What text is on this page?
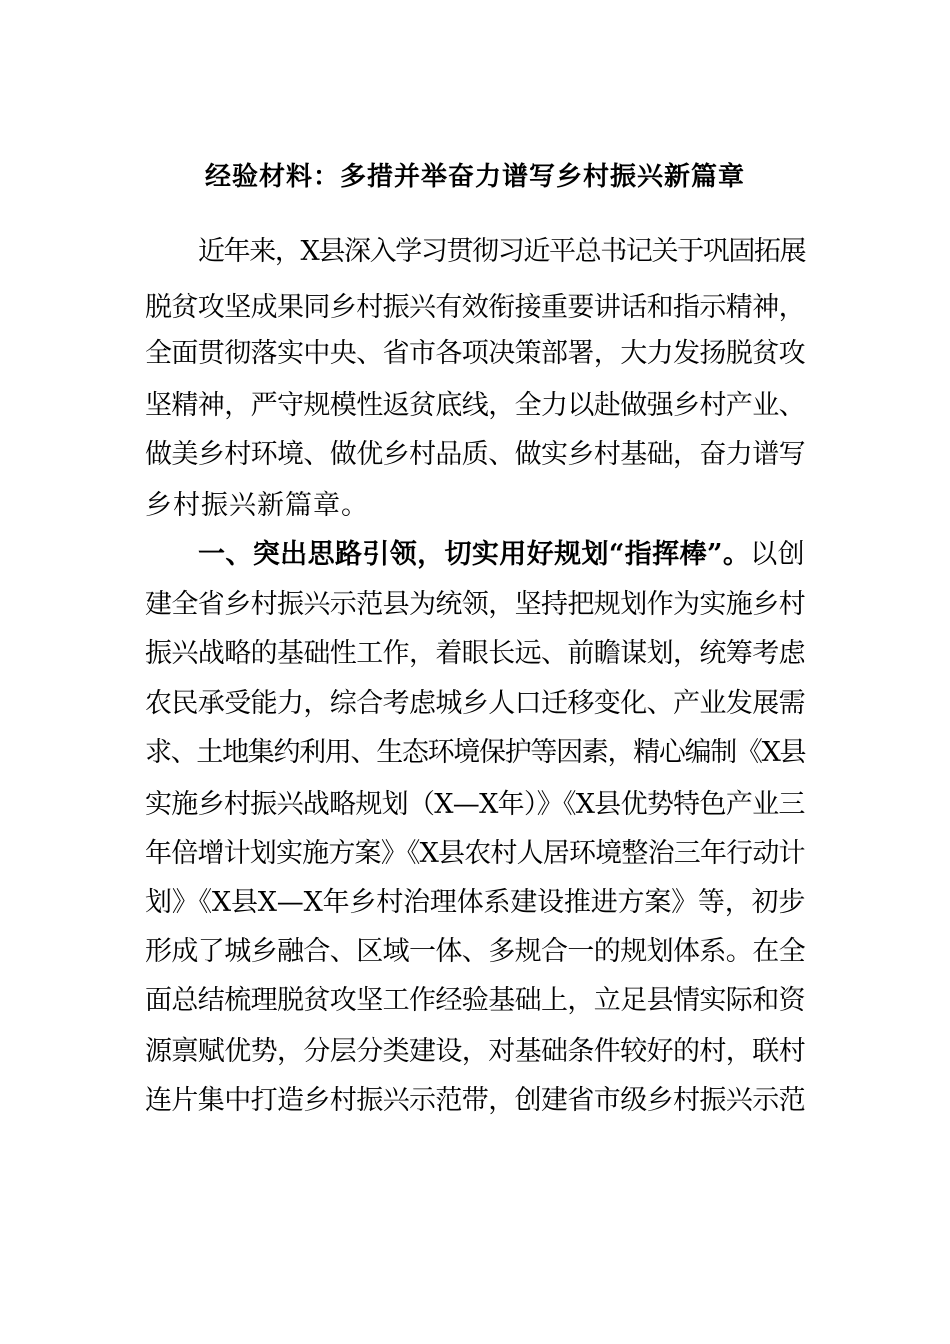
经验材料：多措并举奋力谱写乡村振兴新篇章
近年来，X县深入学习贯彻习近平总书记关于巩固拓展
脱贫攻坚成果同乡村振兴有效衔接重要讲话和指示精神，
全面贯彻落实中央、省市各项决策部署，大力发扬脱贫攻
坚精神，严守规模性返贫底线，全力以赴做强乡村产业、
做美乡村环境、做优乡村品质、做实乡村基础，奋力谱写
乡村振兴新篇章。
一、突出思路引领，切实用好规划“指挥棒”。以创
建全省乡村振兴示范县为统领，坚持把规划作为实施乡村
振兴战略的基础性工作，着眼长远、前瞻谋划，统筹考虑
农民承受能力，综合考虑城乡人口迁移变化、产业发展需
求、土地集约利用、生态环境保护等因素，精心编制《X县
实施乡村振兴战略规划（X—X年）》《X县优势特色产业三
年倍增计划实施方案》《X县农村人居环境整治三年行动计
划》《X县X—X年乡村治理体系建设推进方案》等，初步
形成了城乡融合、区域一体、多规合一的规划体系。在全
面总结梳理脱贫攻坚工作经验基础上，立足县情实际和资
源禀赋优势，分层分类建设，对基础条件较好的村，联村
连片集中打造乡村振兴示范带，创建省市级乡村振兴示范
